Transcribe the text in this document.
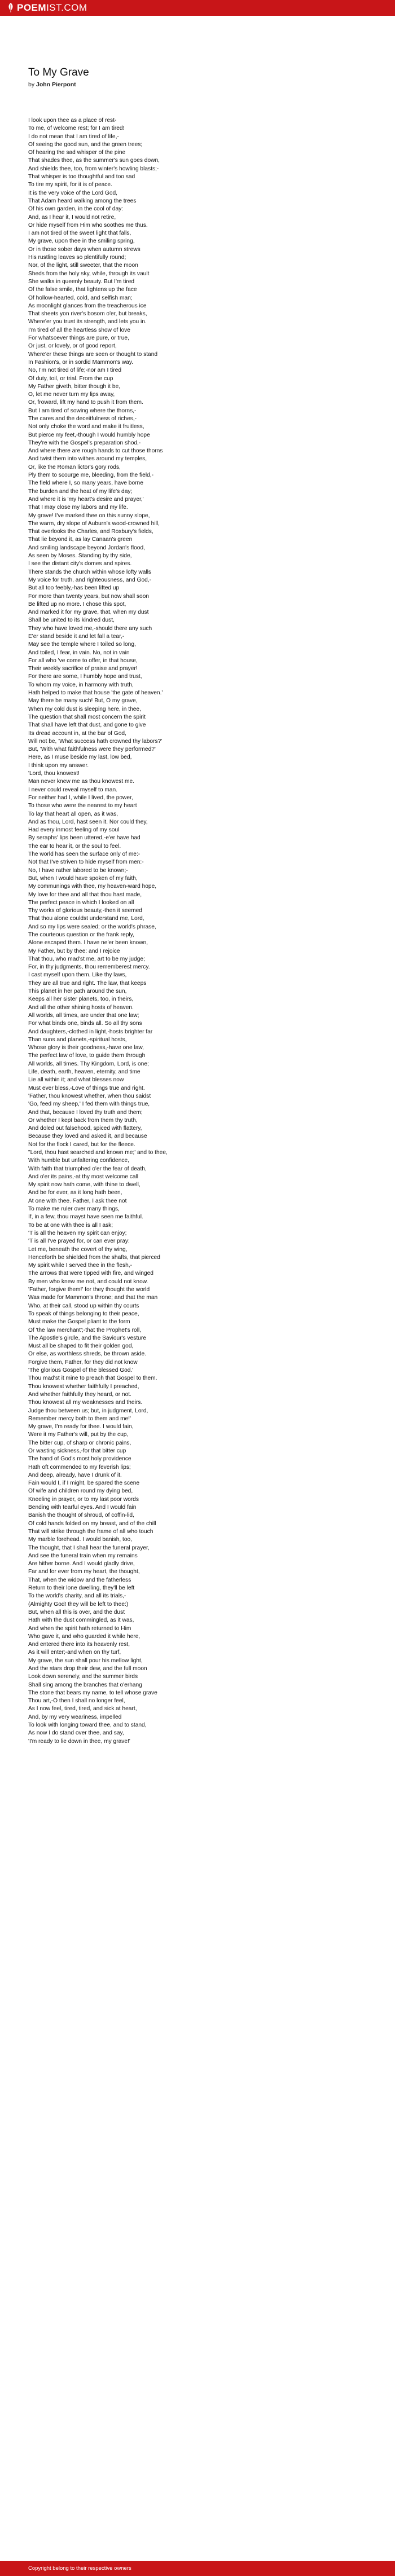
POEMIST.COM
To My Grave
by John Pierpont
I look upon thee as a place of rest-
To me, of welcome rest; for I am tired!
I do not mean that I am tired of life,-
Of seeing the good sun, and the green trees;
Of hearing the sad whisper of the pine
That shades thee, as the summer's sun goes down,
And shields thee, too, from winter's howling blasts;-
That whisper is too thoughtful and too sad
To tire my spirit, for it is of peace.
It is the very voice of the Lord God,
That Adam heard walking among the trees
Of his own garden, in the cool of day:
And, as I hear it, I would not retire,
Or hide myself from Him who soothes me thus.
I am not tired of the sweet light that falls,
My grave, upon thee in the smiling spring,
Or in those sober days when autumn strews
His rustling leaves so plentifully round;
Nor, of the light, still sweeter, that the moon
Sheds from the holy sky, while, through its vault
She walks in queenly beauty. But I'm tired
Of the false smile, that lightens up the face
Of hollow-hearted, cold, and selfish man;
As moonlight glances from the treacherous ice
That sheets yon river's bosom o'er, but breaks,
Where'er you trust its strength, and lets you in.
I'm tired of all the heartless show of love
For whatsoever things are pure, or true,
Or just, or lovely, or of good report,
Where'er these things are seen or thought to stand
In Fashion's, or in sordid Mammon's way.
No, I'm not tired of life;-nor am I tired
Of duty, toil, or trial. From the cup
My Father giveth, bitter though it be,
O, let me never turn my lips away,
Or, froward, lift my hand to push it from them.
But I am tired of sowing where the thorns,-
The cares and the deceitfulness of riches,-
Not only choke the word and make it fruitless,
But pierce my feet,-though I would humbly hope
They're with the Gospel's preparation shod,-
And where there are rough hands to cut those thorns
And twist them into withes around my temples,
Or, like the Roman lictor's gory rods,
Ply them to scourge me, bleeding, from the field,-
The field where I, so many years, have borne
The burden and the heat of my life's day;
And where it is 'my heart's desire and prayer,'
That I may close my labors and my life.
My grave! I've marked thee on this sunny slope,
The warm, dry slope of Auburn's wood-crowned hill,
That overlooks the Charles, and Roxbury's fields,
That lie beyond it, as lay Canaan's green
And smiling landscape beyond Jordan's flood,
As seen by Moses. Standing by thy side,
I see the distant city's domes and spires.
There stands the church within whose lofty walls
My voice for truth, and righteousness, and God,-
But all too feebly,-has been lifted up
For more than twenty years, but now shall soon
Be lifted up no more. I chose this spot,
And marked it for my grave, that, when my dust
Shall be united to its kindred dust,
They who have loved me,-should there any such
E'er stand beside it and let fall a tear,-
May see the temple where I toiled so long,
And toiled, I fear, in vain. No, not in vain
For all who 've come to offer, in that house,
Their weekly sacrifice of praise and prayer!
For there are some, I humbly hope and trust,
To whom my voice, in harmony with truth,
Hath helped to make that house 'the gate of heaven.'
May there be many such! But, O my grave,
When my cold dust is sleeping here, in thee,
The question that shall most concern the spirit
That shall have left that dust, and gone to give
Its dread account in, at the bar of God,
Will not be, 'What success hath crowned thy labors?'
But, 'With what faithfulness were they performed?'
Here, as I muse beside my last, low bed,
I think upon my answer.
'Lord, thou knowest!
Man never knew me as thou knowest me.
I never could reveal myself to man.
For neither had I, while I lived, the power,
To those who were the nearest to my heart
To lay that heart all open, as it was,
And as thou, Lord, hast seen it. Nor could they,
Had every inmost feeling of my soul
By seraphs' lips been uttered,-e'er have had
The ear to hear it, or the soul to feel.
The world has seen the surface only of me:-
Not that I've striven to hide myself from men:-
No, I have rather labored to be known;-
But, when I would have spoken of my faith,
My communings with thee, my heaven-ward hope,
My love for thee and all that thou hast made,
The perfect peace in which I looked on all
Thy works of glorious beauty,-then it seemed
That thou alone couldst understand me, Lord,
And so my lips were sealed; or the world's phrase,
The courteous question or the frank reply,
Alone escaped them. I have ne'er been known,
My Father, but by thee: and I rejoice
That thou, who mad'st me, art to be my judge;
For, in thy judgments, thou rememberest mercy.
I cast myself upon them. Like thy laws,
They are all true and right. The law, that keeps
This planet in her path around the sun,
Keeps all her sister planets, too, in theirs,
And all the other shining hosts of heaven.
All worlds, all times, are under that one law;
For what binds one, binds all. So all thy sons
And daughters,-clothed in light,-hosts brighter far
Than suns and planets,-spiritual hosts,
Whose glory is their goodness,-have one law,
The perfect law of love, to guide them through
All worlds, all times. Thy Kingdom, Lord, is one;
Life, death, earth, heaven, eternity, and time
Lie all within it; and what blesses now
Must ever bless,-Love of things true and right.
'Father, thou knowest whether, when thou saidst
'Go, feed my sheep,' I fed them with things true,
And that, because I loved thy truth and them;
Or whether I kept back from them thy truth,
And doled out falsehood, spiced with flattery,
Because they loved and asked it, and because
Not for the flock I cared, but for the fleece.
"Lord, thou hast searched and known me;' and to thee,
With humble but unfaltering confidence,
With faith that triumphed o'er the fear of death,
And o'er its pains,-at thy most welcome call
My spirit now hath come, with thine to dwell,
And be for ever, as it long hath been,
At one with thee. Father, I ask thee not
To make me ruler over many things,
If, in a few, thou mayst have seen me faithful.
To be at one with thee is all I ask;
'T is all the heaven my spirit can enjoy;
'T is all I've prayed for, or can ever pray:
Let me, beneath the covert of thy wing,
Henceforth be shielded from the shafts, that pierced
My spirit while I served thee in the flesh,-
The arrows that were tipped with fire, and winged
By men who knew me not, and could not know.
'Father, forgive them!' for they thought the world
Was made for Mammon's throne; and that the man
Who, at their call, stood up within thy courts
To speak of things belonging to their peace,
Must make the Gospel pliant to the form
Of 'the law merchant';-that the Prophet's roll,
The Apostle's girdle, and the Saviour's vesture
Must all be shaped to fit their golden god,
Or else, as worthless shreds, be thrown aside.
Forgive them, Father, for they did not know
'The glorious Gospel of the blessed God.'
Thou mad'st it mine to preach that Gospel to them.
Thou knowest whether faithfully I preached,
And whether faithfully they heard, or not.
Thou knowest all my weaknesses and theirs.
Judge thou between us; but, in judgment, Lord,
Remember mercy both to them and me!'
My grave, I'm ready for thee. I would fain,
Were it my Father's will, put by the cup,
The bitter cup, of sharp or chronic pains,
Or wasting sickness,-for that bitter cup
The hand of God's most holy providence
Hath oft commended to my feverish lips;
And deep, already, have I drunk of it.
Fain would I, if I might, be spared the scene
Of wife and children round my dying bed,
Kneeling in prayer, or to my last poor words
Bending with tearful eyes. And I would fain
Banish the thought of shroud, of coffin-lid,
Of cold hands folded on my breast, and of the chill
That will strike through the frame of all who touch
My marble forehead. I would banish, too,
The thought, that I shall hear the funeral prayer,
And see the funeral train when my remains
Are hither borne. And I would gladly drive,
Far and for ever from my heart, the thought,
That, when the widow and the fatherless
Return to their lone dwelling, they'll be left
To the world's charity, and all its trials,-
(Almighty God! they will be left to thee:)
But, when all this is over, and the dust
Hath with the dust commingled, as it was,
And when the spirit hath returned to Him
Who gave it, and who guarded it while here,
And entered there into its heavenly rest,
As it will enter;-and when on thy turf,
My grave, the sun shall pour his mellow light,
And the stars drop their dew, and the full moon
Look down serenely, and the summer birds
Shall sing among the branches that o'erhang
The stone that bears my name, to tell whose grave
Thou art,-O then I shall no longer feel,
As I now feel, tired, tired, and sick at heart,
And, by my very weariness, impelled
To look with longing toward thee, and to stand,
As now I do stand over thee, and say,
'I'm ready to lie down in thee, my grave!'
Copyright belong to their respective owners
